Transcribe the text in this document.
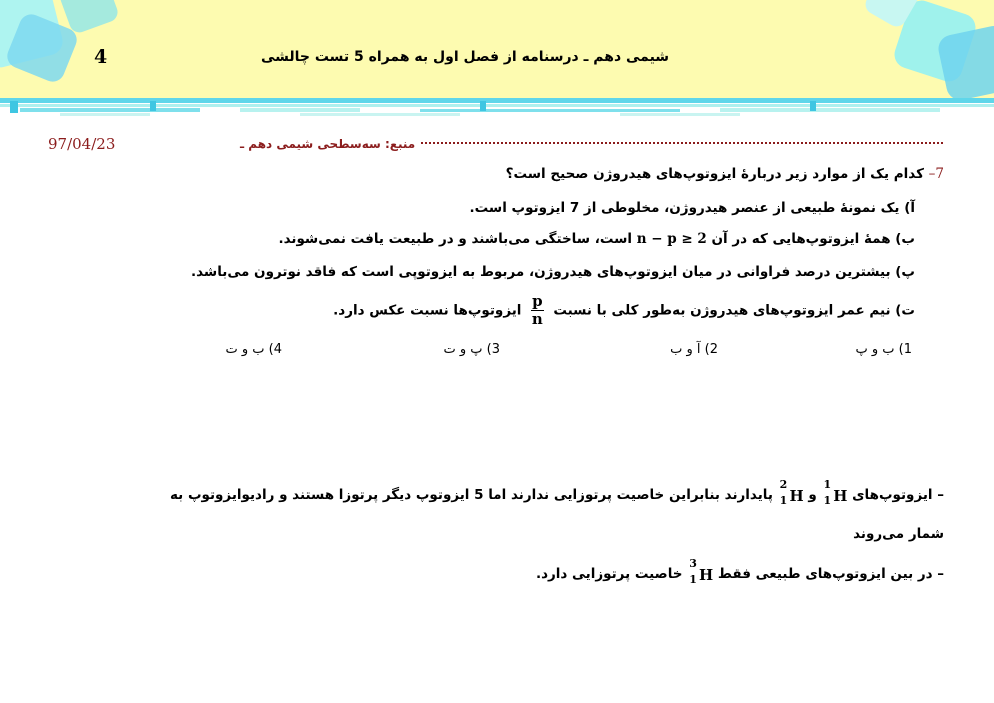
4	شیمی دهم ـ درسنامه از فصل اول به همراه 5 تست چالشی
97/04/23	منبع: سه‌سطحی شیمی دهم ـ
7– کدام یک از موارد زیر دربارهٔ ایزوتوپ‌های هیدروژن صحیح است؟
آ) یک نمونهٔ طبیعی از عنصر هیدروژن، مخلوطی از 7 ایزوتوپ است.
ب) همهٔ ایزوتوپ‌هایی که در آن n − p ≥ 2 است، ساختگی می‌باشند و در طبیعت یافت نمی‌شوند.
پ) بیشترین درصد فراوانی در میان ایزوتوپ‌های هیدروژن، مربوط به ایزوتوپی است که فاقد نوترون می‌باشد.
ت) نیم عمر ایزوتوپ‌های هیدروژن به‌طور کلی با نسبت
$\frac{p}{n}$
ایزوتوپ‌ها نسبت عکس دارد.
1) ب و پ
2) آ و ب
3) پ و ت
4) ب و ت
– ایزوتوپ‌های
1
1 H
و
2
1 H
پایدارند بنابراین خاصیت پرتوزایی ندارند اما 5 ایزوتوپ دیگر پرتوزا هستند و رادیوایزوتوپ به
شمار می‌روند
– در بین ایزوتوپ‌های طبیعی فقط
3
1 H
خاصیت پرتوزایی دارد.
